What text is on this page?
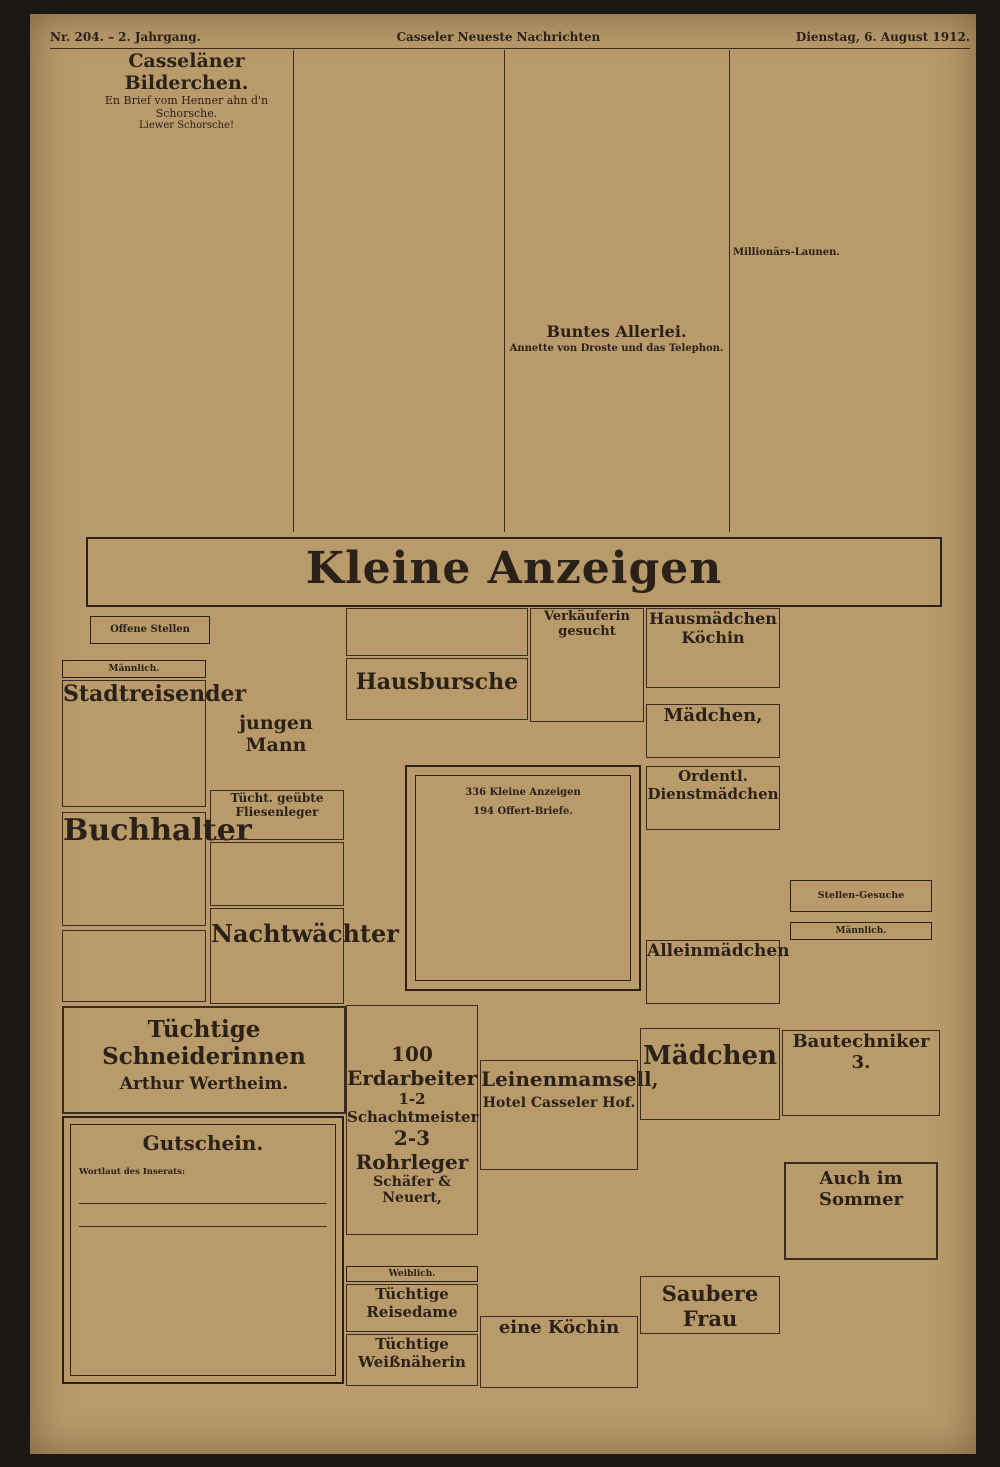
Nr. 204. – 2. Jahrgang.	Casseler Neueste Nachrichten	Dienstag, 6. August 1912.
Casseläner Bilderchen.
En Brief vom Henner ahn d'n Schorsche.
Liewer Schorsche!
Buntes Allerlei.
Annette von Droste und das Telephon.
Millionärs-Launen.
Kleine Anzeigen
Offene Stellen
Männlich.
Stadtreisender
Buchhalter
Tüchtige Schneiderinnen
Arthur Wertheim.
Gutschein.
Wortlaut des Inserats:
jungen Mann
Tücht. geübte Fliesenleger
Nachtwächter
Hausbursche
336 Kleine Anzeigen
194 Offert-Briefe.
100 Erdarbeiter
1-2 Schachtmeister
2-3 Rohrleger
Schäfer & Neuert,
Weiblich.
Tüchtige Reisedame
Tüchtige Weißnäherin
Leinenmamsell,
Hotel Casseler Hof.
eine Köchin
Verkäuferin gesucht
Hausmädchen
Köchin
Mädchen,
Ordentl. Dienstmädchen
Alleinmädchen
Mädchen
Saubere Frau
Stellen-Gesuche
Männlich.
Bautechniker 3.
Auch im Sommer
